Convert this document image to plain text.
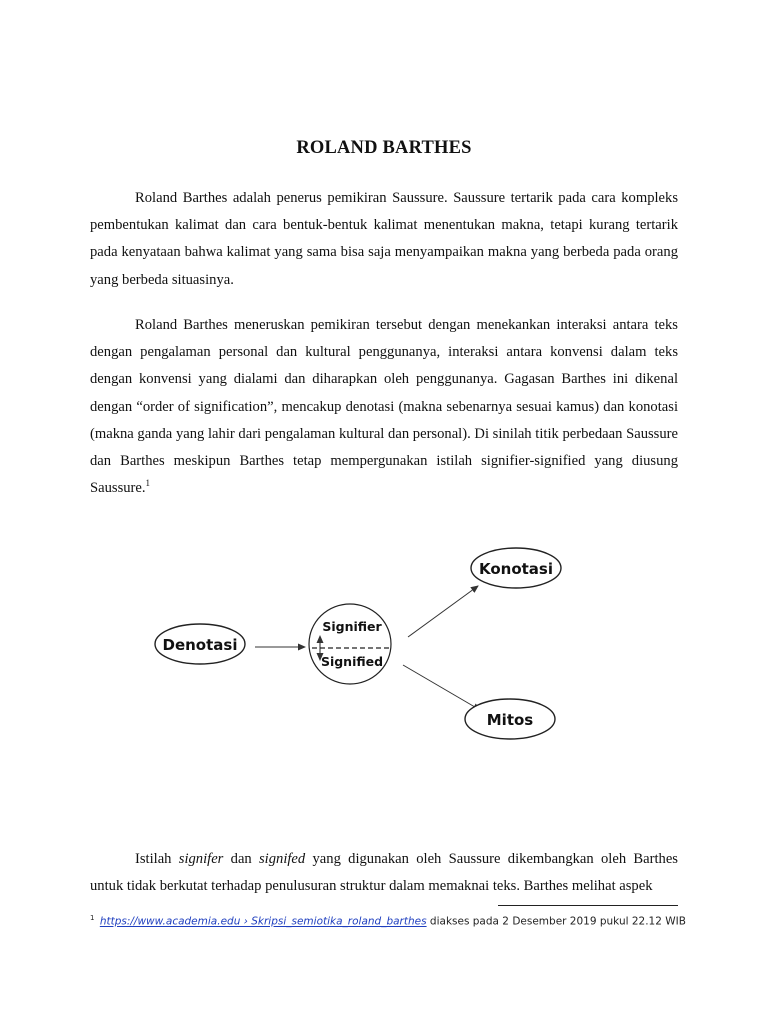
ROLAND BARTHES

Roland Barthes adalah penerus pemikiran Saussure. Saussure tertarik pada cara kompleks pembentukan kalimat dan cara bentuk-bentuk kalimat menentukan makna, tetapi kurang tertarik pada kenyataan bahwa kalimat yang sama bisa saja menyampaikan makna yang berbeda pada orang yang berbeda situasinya.

Roland Barthes meneruskan pemikiran tersebut dengan menekankan interaksi antara teks dengan pengalaman personal dan kultural penggunanya, interaksi antara konvensi dalam teks dengan konvensi yang dialami dan diharapkan oleh penggunanya. Gagasan Barthes ini dikenal dengan “order of signification”, mencakup denotasi (makna sebenarnya sesuai kamus) dan konotasi (makna ganda yang lahir dari pengalaman kultural dan personal). Di sinilah titik perbedaan Saussure dan Barthes meskipun Barthes tetap mempergunakan istilah signifier-signified yang diusung Saussure.$^1$

Denotasi
Signifier
Signified
Konotasi
Mitos

Istilah signifer dan signifed yang digunakan oleh Saussure dikembangkan oleh Barthes untuk tidak berkutat terhadap penulusuran struktur dalam memaknai teks. Barthes melihat aspek

$^1$ https://www.academia.edu › Skripsi_semiotika_roland_barthes diakses pada 2 Desember 2019 pukul 22.12 WIB
